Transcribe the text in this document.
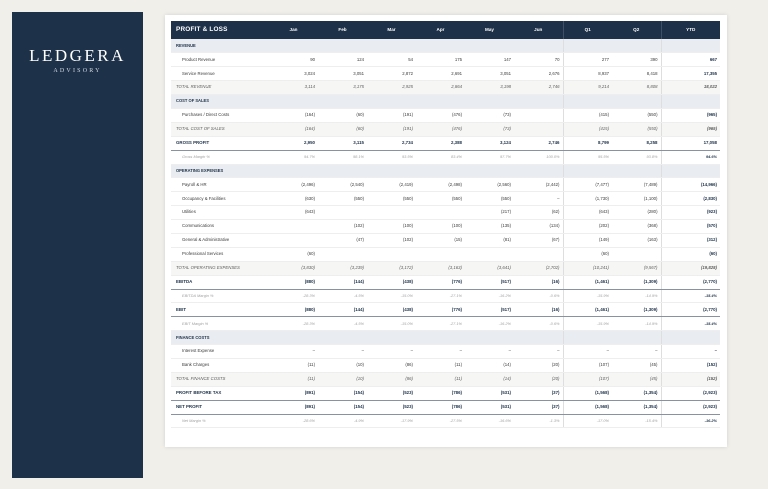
LEDGERA
ADVISORY
PROFIT & LOSS	Jan	Feb	Mar	Apr	May	Jun	Q1	Q2	YTD
REVENUE									
Product Revenue	90	124	54	175	147	70	277	390	667
Service Revenue	3,024	3,051	2,872	2,691	3,051	2,676	8,937	8,418	17,355
TOTAL REVENUE	3,114	3,175	2,925	2,864	3,198	2,746	9,214	8,808	18,022
COST OF SALES									
Purchases / Direct Costs	(164)	(60)	(191)	(476)	(73)		(415)	(550)	(965)
TOTAL COST OF SALES	(164)	(60)	(191)	(476)	(73)		(415)	(550)	(965)
GROSS PROFIT	2,950	3,115	2,734	2,388	3,124	2,746	8,799	8,258	17,058
Gross Margin %	94.7%	98.1%	93.5%	83.4%	97.7%	100.0%	95.5%	93.8%	94.6%
OPERATING EXPENSES									
Payroll & HR	(2,496)	(2,540)	(2,419)	(2,498)	(2,560)	(2,442)	(7,477)	(7,489)	(14,966)
Occupancy & Facilities	(630)	(550)	(550)	(550)	(550)	–	(1,730)	(1,100)	(2,830)
Utilities	(643)				(217)	(62)	(643)	(280)	(923)
Communications		(102)	(100)	(100)	(135)	(134)	(202)	(368)	(570)
General & Administrative		(47)	(102)	(15)	(81)	(67)	(149)	(163)	(312)
Professional Services	(60)						(60)		(60)
TOTAL OPERATING EXPENSES	(3,830)	(3,239)	(3,172)	(3,163)	(3,641)	(2,702)	(10,241)	(9,567)	(19,828)
EBITDA	(880)	(144)	(438)	(776)	(517)	(16)	(1,461)	(1,309)	(2,770)
EBITDA Margin %	-28.3%	-4.5%	-15.0%	-27.1%	-16.2%	-0.6%	-15.9%	-14.9%	-15.4%
EBIT	(880)	(144)	(438)	(776)	(517)	(16)	(1,461)	(1,309)	(2,770)
EBIT Margin %	-28.3%	-4.5%	-15.0%	-27.1%	-16.2%	-0.6%	-15.9%	-14.9%	-15.4%
FINANCE COSTS									
Interest Expense	–	–	–	–	–	–	–	–	–
Bank Charges	(11)	(10)	(86)	(11)	(14)	(20)	(107)	(45)	(152)
TOTAL FINANCE COSTS	(11)	(10)	(86)	(11)	(14)	(20)	(107)	(45)	(152)
PROFIT BEFORE TAX	(891)	(154)	(523)	(786)	(531)	(37)	(1,568)	(1,354)	(2,923)
NET PROFIT	(891)	(154)	(523)	(786)	(531)	(37)	(1,568)	(1,354)	(2,923)
Net Margin %	-28.6%	-4.9%	-17.9%	-27.5%	-16.6%	-1.3%	-17.0%	-15.4%	-16.2%
